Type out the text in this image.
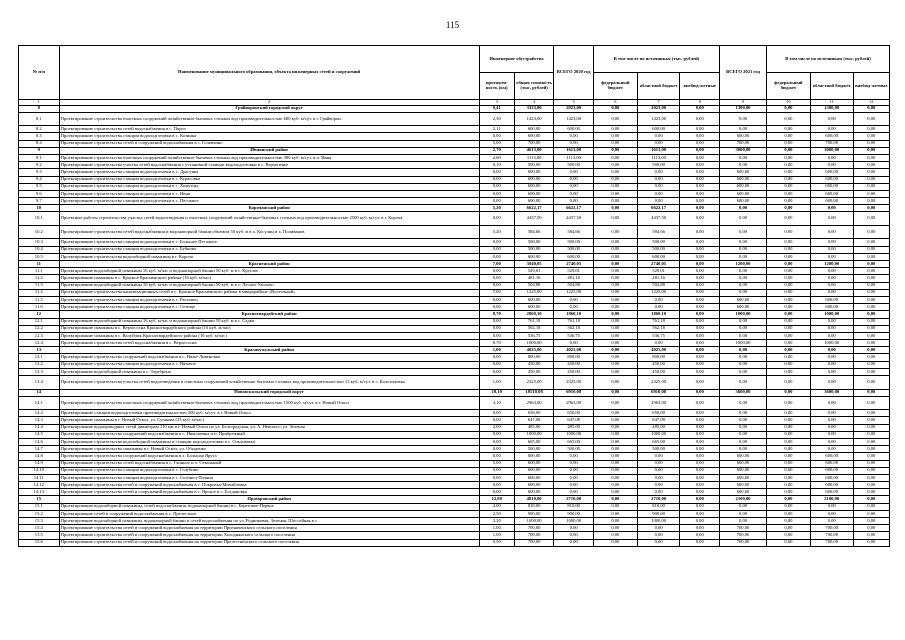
115
№ п/п	Наименование муниципального образования, объекта инженерных сетей и сооружений	Инженерное обустройство		ВСЕГО 2020 год	В том числе по источникам (тыс. рублей)			ВСЕГО 2021 год	В том числе по источникам (тыс. рублей)		
		протяжён-ность (км)	общая стоимость (тыс. рублей)		федеральный бюджет	областной бюджет	внебюд-жетные		федеральный бюджет	областной бюджет	внебюд-жетные
1	2	3	4	5	6	7	8	9	10	11	12
8	Грайворонский городской округ	9,41	3323,00	2023,00	0,00	2023,00	0,00	1300,00	0,00	1300,00	0,00
8.1	Проектирование строительства очистных сооружений хозяйственно-бытовых сточных вод производительностью 600 куб. м/сут. в г. Грайворон	2,30	1423,00	1423,00	0,00	1423,00	0,00	0,00	0,00	0,00	0,00
8.2	Проектирование строительства сетей водоснабжения в с. Пороз	2,11	600,00	600,00	0,00	600,00	0,00	0,00	0,00	0,00	0,00
8.3	Проектирование строительства станции водоподготовки в с. Козинка	0,00	600,00	0,00	0,00	0,00	0,00	600,00	0,00	600,00	0,00
8.4	Проектирование строительства сетей и сооружений водоснабжения в с. Головчино	5,00	700,00	0,00	0,00	0,00	0,00	700,00	0,00	700,00	0,00
9	Ивнянский район	2,70	4613,00	1613,00	0,00	1613,00	0,00	3000,00	0,00	3000,00	0,00
9.1	Проектирование строительства очистных сооружений хозяйственно-бытовых сточных вод производительностью 300 куб. м/сут. в п. Ивня	2,60	1113,00	1113,00	0,00	1113,00	0,00	0,00	0,00	0,00	0,00
9.2	Проектирование строительства участка сетей водоснабжения с установкой станции водоподготовки в с. Верхопенье	0,10	500,00	500,00	0,00	500,00	0,00	0,00	0,00	0,00	0,00
9.3	Проектирование строительства станции водоподготовки в с. Драгунка	0,00	600,00	0,00	0,00	0,00	0,00	600,00	0,00	600,00	0,00
9.4	Проектирование строительства станции водоподготовки в с. Курасовка	0,00	600,00	0,00	0,00	0,00	0,00	600,00	0,00	600,00	0,00
9.5	Проектирование строительства станции водоподготовки в с. Хомутцы	0,00	600,00	0,00	0,00	0,00	0,00	600,00	0,00	600,00	0,00
9.6	Проектирование строительства станции водоподготовки в с. Ивня	0,00	600,00	0,00	0,00	0,00	0,00	600,00	0,00	600,00	0,00
9.7	Проектирование строительства станции водоподготовки в с. Песчаное	0,00	600,00	0,00	0,00	0,00	0,00	600,00	0,00	600,00	0,00
10	Корочанский район	5,20	6622,17	6622,17	0,00	6622,17	0,00	0,00	0,00	0,00	0,00
10.1	Проектные работы строительства участка сетей водоотведения и очистных сооружений хозяйственно-бытовых сточных вод производительностью 2500 куб. м/сут. в г. Короча	0,00	4437,50	4437,50	0,00	4437,50	0,00	0,00	0,00	0,00	0,00
10.2	Проектирование строительства сетей водоснабжения и водонапорной башни объемом 50 куб. м в х. Косулин и х. Поливанов	5,20	584,66	584,66	0,00	584,66	0,00	0,00	0,00	0,00	0,00
10.3	Проектирование строительства станции водоподготовки в с. Большое Песчаное	0,00	500,00	500,00	0,00	500,00	0,00	0,00	0,00	0,00	0,00
10.4	Проектирование строительства станции водоподготовки в с. Бубново	0,00	500,00	500,00	0,00	500,00	0,00	0,00	0,00	0,00	0,00
10.5	Проектирование строительства водозаборной скважины в г. Короча	0,00	600,00	600,00	0,00	600,00	0,00	0,00	0,00	0,00	0,00
11	Красненский район	7,00	3940,05	2740,05	0,00	2740,05	0,00	1200,00	0,00	1200,00	0,00
11.1	Проектирование водозаборной скважины 16 куб. м/час и водонапорной башни 50 куб. м в с. Круглое	0,00	529,01	529,01	0,00	529,01	0,00	0,00	0,00	0,00	0,00
11.2	Проектирование скважины в с. Красное Красненского района (16 куб. м/час)	0,00	481,16	481,16	0,00	481,16	0,00	0,00	0,00	0,00	0,00
11.3	Проектирование водозаборной скважины 16 куб. м/час и водонапорной башни 50 куб. м в с. Лесное Уколово	0,00	504,88	504,88	0,00	504,88	0,00	0,00	0,00	0,00	0,00
11.4	Проектирование строительства канализационных сетей в с. Красное Красненского района в микрорайоне «Восточный»	7,00	1225,00	1225,00	0,00	1225,00	0,00	0,00	0,00	0,00	0,00
11.5	Проектирование строительства станции водоподготовки в с. Расховец	0,00	600,00	0,00	0,00	0,00	0,00	600,00	0,00	600,00	0,00
11.6	Проектирование строительства станции водоподготовки в с. Сетище	0,00	600,00	0,00	0,00	0,00	0,00	600,00	0,00	600,00	0,00
12	Красногвардейский район	8,70	2860,10	1860,10	0,00	1860,10	0,00	1000,00	0,00	1000,00	0,00
12.1	Проектирование водозаборной скважины 16 куб. м/час и водонапорной башни 50 куб. м в с. Садки	0,00	761,18	761,18	0,00	761,18	0,00	0,00	0,00	0,00	0,00
12.2	Проектирование скважины в с. Верхососна Красногвардейского района (16 куб. м/час)	0,00	562,18	562,18	0,00	562,18	0,00	0,00	0,00	0,00	0,00
12.3	Проектирование скважины в с. Валуйчик Красногвардейского района (16 куб. м/час)	0,00	536,75	536,75	0,00	536,75	0,00	0,00	0,00	0,00	0,00
12.4	Проектирование строительства сетей водоснабжения в с. Верхососна	8,70	1000,00	0,00	0,00	0,00	0,00	1000,00	0,00	1000,00	0,00
13	Красноужужский район	1,00	4025,00	4025,00	0,00	4025,00	0,00	0,00	0,00	0,00	0,00
13.1	Проектирование строительства сооружений водоснабжения в с. Ниже-Ливеновка	0,00	800,00	800,00	0,00	800,00	0,00	0,00	0,00	0,00	0,00
13.2	Проектирование строительства станции водоподготовки в с. Вязовое	0,00	450,00	450,00	0,00	450,00	0,00	0,00	0,00	0,00	0,00
13.3	Проектирование водозаборной скважины в с. Теребрено	0,00	450,00	450,00	0,00	450,00	0,00	0,00	0,00	0,00	0,00
13.4	Проектирование строительства участка сетей водоотведения и очистных сооружений хозяйственно-бытовых сточных вод производительностью 15 куб. м/сут. в с. Колотиловка	1,00	2325,00	2325,00	0,00	2325,00	0,00	0,00	0,00	0,00	0,00
14	Новооскольский городской округ	10,10	10510,08	6910,08	0,00	6910,08	0,00	3600,00	0,00	3600,00	0,00
14.1	Проектирование строительства очистных сооружений хозяйственно-бытовых сточных вод производительностью 1500 куб. м/сут. в г. Новый Оскол	3,10	2963,00	2963,00	0,00	2963,00	0,00	0,00	0,00	0,00	0,00
14.2	Проектирование станции водоподготовки производительностью 200 куб. м/сут. в г. Новый Оскол	0,00	650,00	650,00	0,00	650,00	0,00	0,00	0,00	0,00	0,00
14.3	Проектирование скважины в г. Новый Оскол, ул. Сушкова (25 куб. м/час)	0,00	647,08	647,08	0,00	647,08	0,00	0,00	0,00	0,00	0,00
14.4	Проектирование водопроводных сетей диаметром 110 мм в г. Новый Оскол по ул. Белгородская, ул. А. Невского, ул. Зеленая	2,00	485,00	485,00	0,00	485,00	0,00	0,00	0,00	0,00	0,00
14.5	Проектирование строительства сооружений водоснабжения в с. Николаевка и п. Прибрежный	0,00	1000,00	1000,00	0,00	1000,00	0,00	0,00	0,00	0,00	0,00
14.6	Проектирование строительства водозаборной скважины и станции водоподготовки в с. Ольховатка	0,00	665,00	665,00	0,00	665,00	0,00	0,00	0,00	0,00	0,00
14.7	Проектирование строительства скважины в г. Новый Оскол, ул. Обыденко	0,00	500,00	500,00	0,00	500,00	0,00	0,00	0,00	0,00	0,00
14.8	Проектирование строительства сооружений водоснабжения в х. Большая Ярута	0,00	600,00	0,00	0,00	0,00	0,00	600,00	0,00	600,00	0,00
14.9	Проектирование строительства сетей водоснабжения в с. Глинное и х. Севальный	5,00	600,00	0,00	0,00	0,00	0,00	600,00	0,00	600,00	0,00
14.10	Проектирование строительства станции водоподготовки в с. Голубино	0,00	600,00	0,00	0,00	0,00	0,00	600,00	0,00	600,00	0,00
14.11	Проектирование строительства станции водоподготовки в с. Солонец-Поляна	0,00	600,00	0,00	0,00	0,00	0,00	600,00	0,00	600,00	0,00
14.12	Проектирование строительства сетей и сооружений водоснабжения в с. Покровка-Михайловка	0,00	600,00	0,00	0,00	0,00	0,00	600,00	0,00	600,00	0,00
14.13	Проектирование строительства сетей и сооружений водоснабжения в с. Ярское и с. Богдановка	0,00	600,00	0,00	0,00	0,00	0,00	600,00	0,00	600,00	0,00
15	Прохоровский район	12,80	4810,00	2710,00	0,00	2710,00	0,00	2100,00	0,00	2100,00	0,00
15.1	Проектирование водозаборной скважины, сетей водоснабжения, водонапорной башни в с. Береговое-Первое	4,00	810,00	810,00	0,00	810,00	0,00	0,00	0,00	0,00	0,00
15.2	Проектирование сетей и сооружений водоснабжения в с. Прелестное	2,50	900,00	900,00	0,00	900,00	0,00	0,00	0,00	0,00	0,00
15.3	Проектирование водозаборной скважины, водонапорной башни и сетей водоснабжения по ул. Родниковая, Зеленая, Шоссейная в с.	3,20	1000,00	1000,00	0,00	1000,00	0,00	0,00	0,00	0,00	0,00
15.4	Проектирование строительства сетей и сооружений водоснабжения на территории Призначенского сельского поселения	1,00	700,00	0,00	0,00	0,00	0,00	700,00	0,00	700,00	0,00
15.5	Проектирование строительства сетей и сооружений водоснабжения на территории Холоднянского сельского поселения	1,00	700,00	0,00	0,00	0,00	0,00	700,00	0,00	700,00	0,00
15.6	Проектирование строительства сетей и сооружений водоснабжения на территории Прелестненского сельского поселения	0,50	700,00	0,00	0,00	0,00	0,00	700,00	0,00	700,00	0,00
